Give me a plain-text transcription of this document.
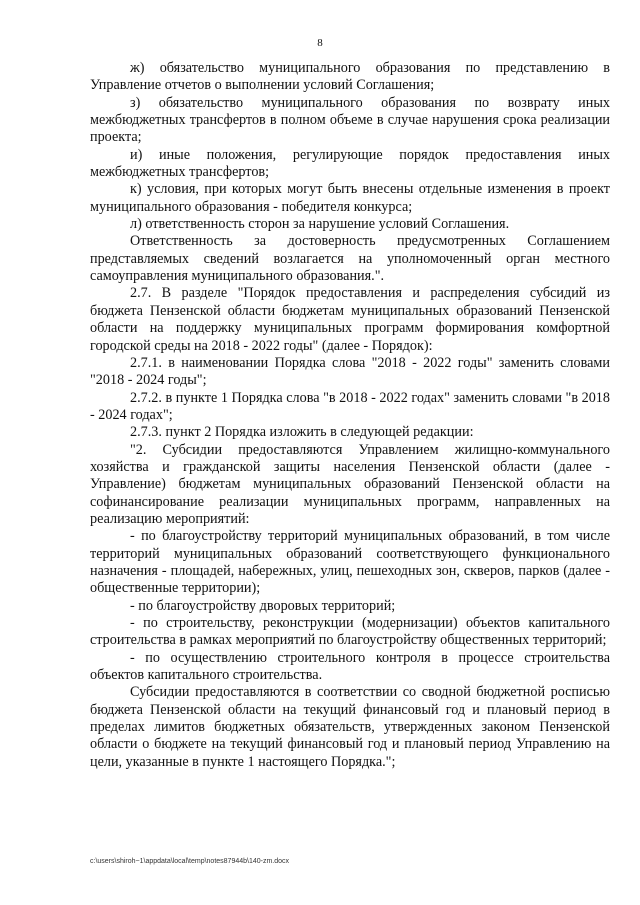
8

ж) обязательство муниципального образования по представлению в Управление отчетов о выполнении условий Соглашения;

з) обязательство муниципального образования по возврату иных межбюджетных трансфертов в полном объеме в случае нарушения срока реализации проекта;

и) иные положения, регулирующие порядок предоставления иных межбюджетных трансфертов;

к) условия, при которых могут быть внесены отдельные изменения в проект муниципального образования - победителя конкурса;

л) ответственность сторон за нарушение условий Соглашения.

Ответственность за достоверность предусмотренных Соглашением представляемых сведений возлагается на уполномоченный орган местного самоуправления муниципального образования.".

2.7. В разделе "Порядок предоставления и распределения субсидий из бюджета Пензенской области бюджетам муниципальных образований Пензенской области на поддержку муниципальных программ формирования комфортной городской среды на 2018 - 2022 годы" (далее - Порядок):

2.7.1. в наименовании Порядка слова "2018 - 2022 годы" заменить словами "2018 - 2024 годы";

2.7.2. в пункте 1 Порядка слова "в 2018 - 2022 годах" заменить словами "в 2018 - 2024 годах";

2.7.3. пункт 2 Порядка изложить в следующей редакции:

"2. Субсидии предоставляются Управлением жилищно-коммунального хозяйства и гражданской защиты населения Пензенской области (далее - Управление) бюджетам муниципальных образований Пензенской области на софинансирование реализации муниципальных программ, направленных на реализацию мероприятий:

- по благоустройству территорий муниципальных образований, в том числе территорий муниципальных образований соответствующего функционального назначения - площадей, набережных, улиц, пешеходных зон, скверов, парков (далее - общественные территории);

- по благоустройству дворовых территорий;

- по строительству, реконструкции (модернизации) объектов капитального строительства в рамках мероприятий по благоустройству общественных территорий;

- по осуществлению строительного контроля в процессе строительства объектов капитального строительства.

Субсидии предоставляются в соответствии со сводной бюджетной росписью бюджета Пензенской области на текущий финансовый год и плановый период в пределах лимитов бюджетных обязательств, утвержденных законом Пензенской области о бюджете на текущий финансовый год и плановый период Управлению на цели, указанные в пункте 1 настоящего Порядка.";

c:\users\shiroh~1\appdata\local\temp\notes87944b\140-zm.docx
